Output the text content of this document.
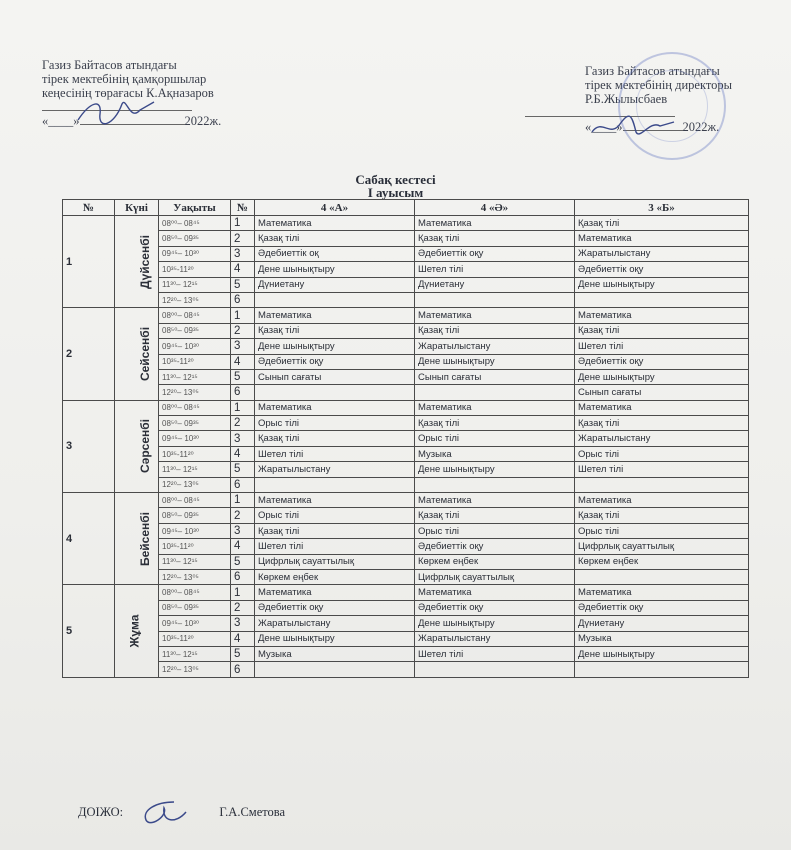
Газиз Байтасов атындағы
тірек мектебінің қамқоршылар
кеңесінің төрағасы К.Ақназаров
«____»	2022ж.
Газиз Байтасов атындағы
тірек мектебінің директоры
Р.Б.Жылысбаев
«____»	2022ж.
Сабақ кестесі
I ауысым
№	Күні	Уақыты	№	4 «А»	4 «Ә»	3 «Б»
1	Дүйсенбі	08⁰⁰– 08⁴⁵	1	Математика	Математика	Қазақ тілі
		08⁵⁰– 09³⁵	2	Қазақ тілі	Қазақ тілі	Математика
		09⁴⁵– 10³⁰	3	Әдебиеттік оқ	Әдебиеттік оқу	Жаратылыстану
		10³⁵-11²⁰	4	Дене шынықтыру	Шетел тілі	Әдебиеттік оқу
		11³⁰– 12¹⁵	5	Дүниетану	Дүниетану	Дене шынықтыру
		12²⁰– 13⁰⁵	6			
2	Сейсенбі	08⁰⁰– 08⁴⁵	1	Математика	Математика	Математика
		08⁵⁰– 09³⁵	2	Қазақ тілі	Қазақ тілі	Қазақ тілі
		09⁴⁵– 10³⁰	3	Дене шынықтыру	Жаратылыстану	Шетел тілі
		10³⁵-11²⁰	4	Әдебиеттік оқу	Дене шынықтыру	Әдебиеттік оқу
		11³⁰– 12¹⁵	5	Сынып сағаты	Сынып сағаты	Дене шынықтыру
		12²⁰– 13⁰⁵	6			Сынып сағаты
3	Сәрсенбі	08⁰⁰– 08⁴⁵	1	Математика	Математика	Математика
		08⁵⁰– 09³⁵	2	Орыс тілі	Қазақ тілі	Қазақ тілі
		09⁴⁵– 10³⁰	3	Қазақ тілі	Орыс тілі	Жаратылыстану
		10³⁵-11²⁰	4	Шетел тілі	Музыка	Орыс тілі
		11³⁰– 12¹⁵	5	Жаратылыстану	Дене шынықтыру	Шетел тілі
		12²⁰– 13⁰⁵	6			
4	Бейсенбі	08⁰⁰– 08⁴⁵	1	Математика	Математика	Математика
		08⁵⁰– 09³⁵	2	Орыс тілі	Қазақ тілі	Қазақ тілі
		09⁴⁵– 10³⁰	3	Қазақ тілі	Орыс тілі	Орыс тілі
		10³⁵-11²⁰	4	Шетел тілі	Әдебиеттік оқу	Цифрлық сауаттылық
		11³⁰– 12¹⁵	5	Цифрлық сауаттылық	Көркем еңбек	Көркем еңбек
		12²⁰– 13⁰⁵	6	Көркем еңбек	Цифрлық сауаттылық	
5	Жұма	08⁰⁰– 08⁴⁵	1	Математика	Математика	Математика
		08⁵⁰– 09³⁵	2	Әдебиеттік оқу	Әдебиеттік оқу	Әдебиеттік оқу
		09⁴⁵– 10³⁰	3	Жаратылыстану	Дене шынықтыру	Дүниетану
		10³⁵-11²⁰	4	Дене шынықтыру	Жаратылыстану	Музыка
		11³⁰– 12¹⁵	5	Музыка	Шетел тілі	Дене шынықтыру
		12²⁰– 13⁰⁵	6			
ДОІЖО:	Г.А.Сметова
